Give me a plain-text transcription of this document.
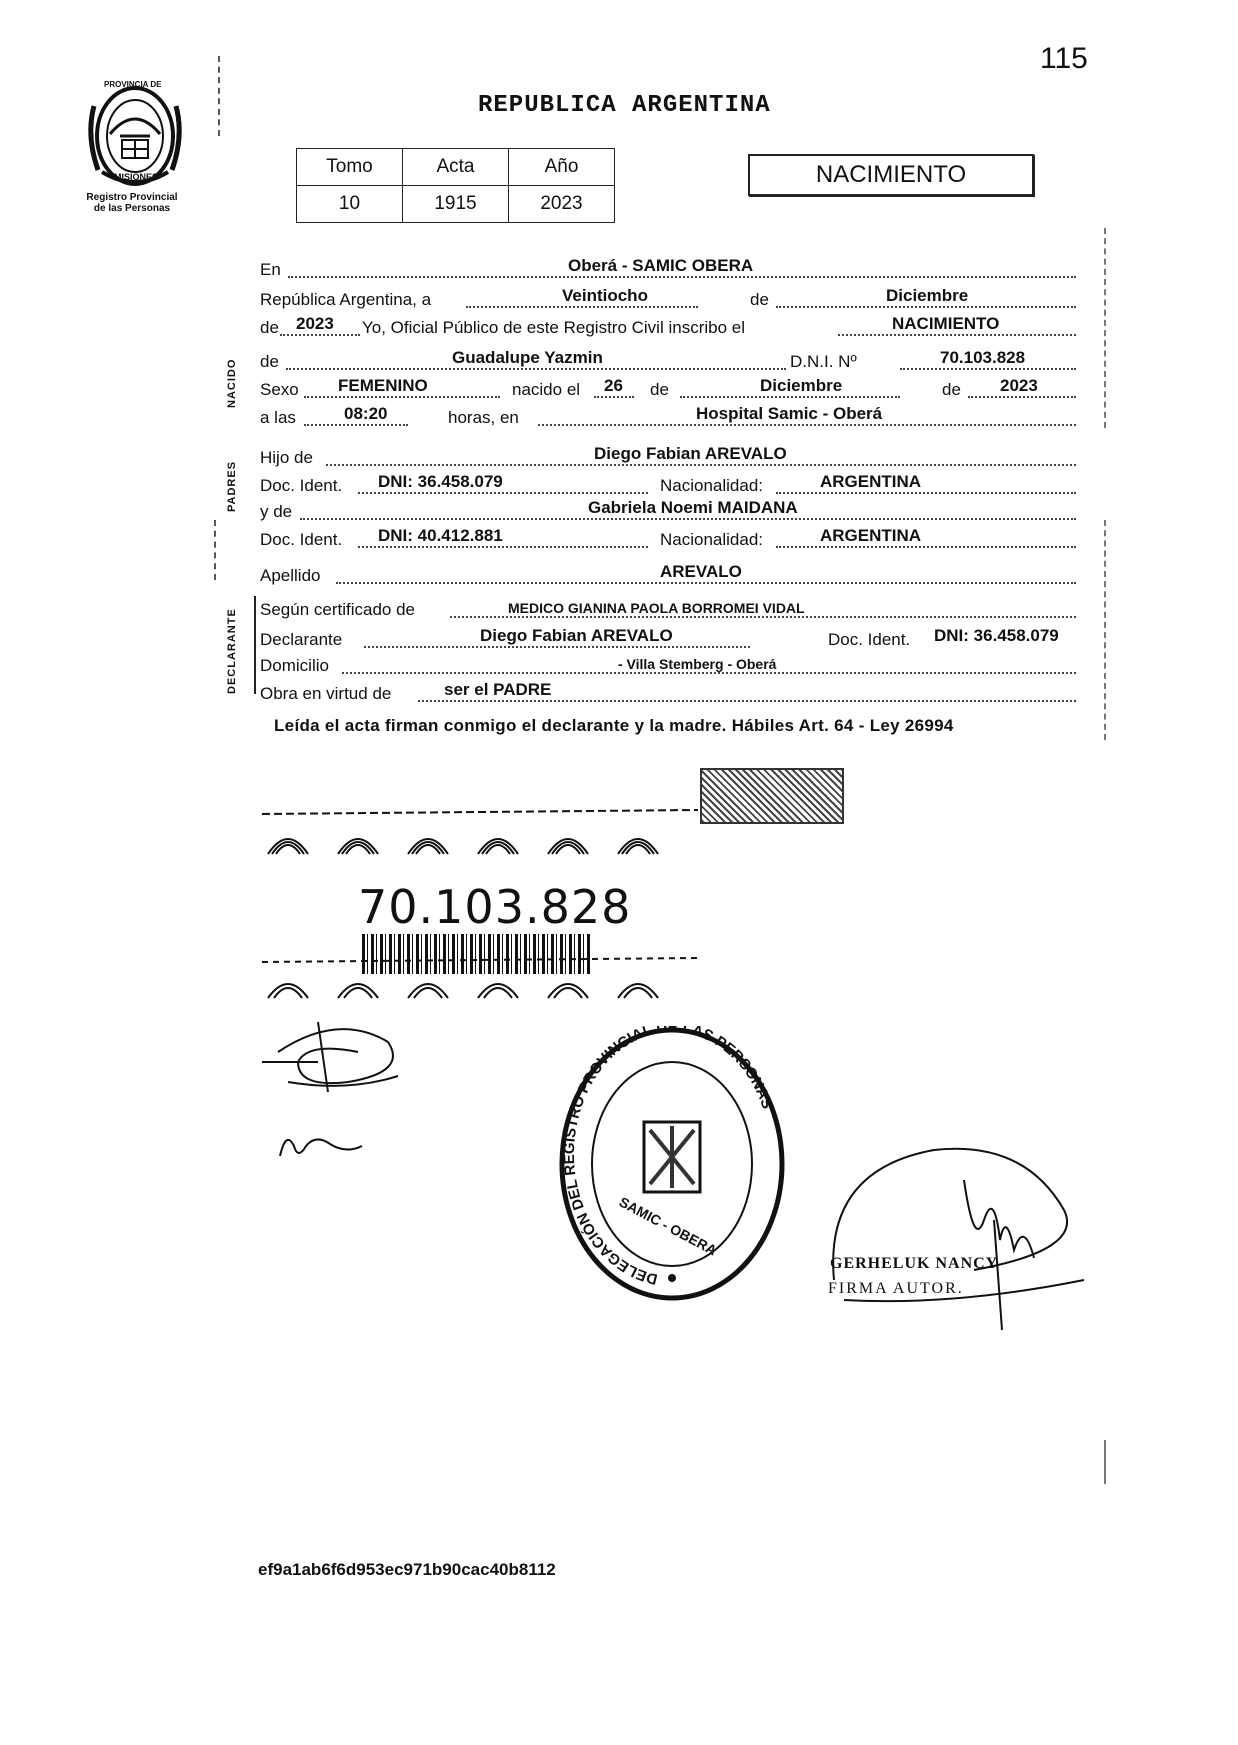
115
PROVINCIA DE
MISIONES
Registro Provincial
de las Personas
REPUBLICA ARGENTINA
Tomo	Acta	Año
10	1915	2023
NACIMIENTO
NACIDO
PADRES
DECLARANTE
En	Oberá - SAMIC OBERA
República Argentina, a	Veintiocho	de	Diciembre
de 2023 Yo, Oficial Público de este Registro Civil inscribo el	NACIMIENTO
de	Guadalupe Yazmin	D.N.I. Nº	70.103.828
Sexo FEMENINO	nacido el 26 de	Diciembre	de 2023
a las	08:20	horas, en	Hospital Samic - Oberá
Hijo de	Diego Fabian AREVALO
Doc. Ident. DNI: 36.458.079	Nacionalidad:	ARGENTINA
y de	Gabriela Noemi MAIDANA
Doc. Ident. DNI: 40.412.881	Nacionalidad:	ARGENTINA
Apellido	AREVALO
Según certificado de	MEDICO GIANINA PAOLA BORROMEI VIDAL
Declarante	Diego Fabian AREVALO	Doc. Ident. DNI: 36.458.079
Domicilio	- Villa Stemberg - Oberá
Obra en virtud de	ser el PADRE
Leída el acta firman conmigo el declarante y la madre. Hábiles Art. 64 - Ley 26994
70.103.828
DELEGACIÓN DEL REGISTRO PROVINCIAL DE LAS PERSONAS
SAMIC - OBERA
GERHELUK NANCY
FIRMA AUTOR.
ef9a1ab6f6d953ec971b90cac40b8112
